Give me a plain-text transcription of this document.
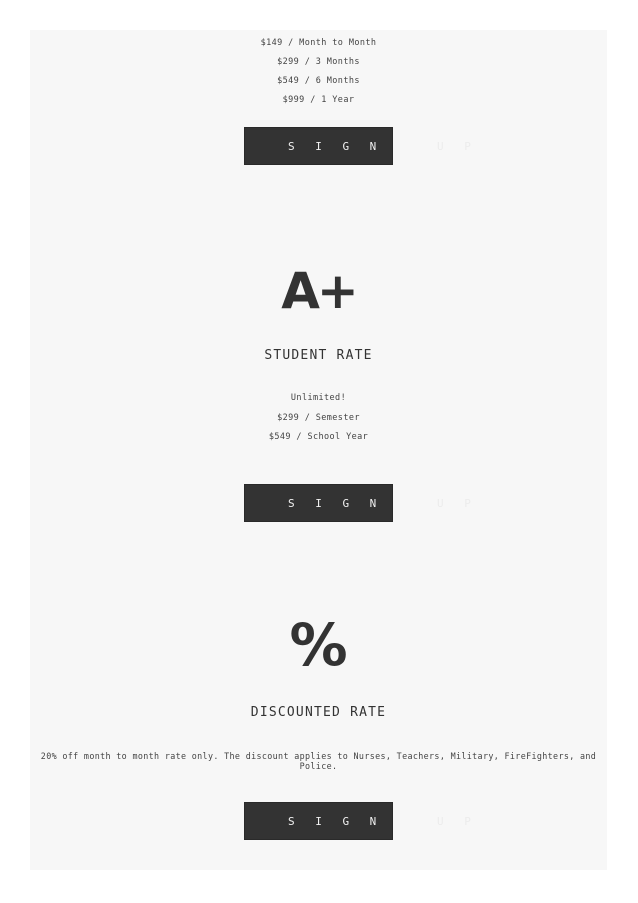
$149 / Month to Month
$299 / 3 Months
$549 / 6 Months
$999 / 1 Year
SIGN	UP
A+
STUDENT RATE
Unlimited!
$299 / Semester
$549 / School Year
SIGN	UP
%
DISCOUNTED RATE
20% off month to month rate only. The discount applies to Nurses, Teachers, Military, FireFighters, and Police.
SIGN	UP
